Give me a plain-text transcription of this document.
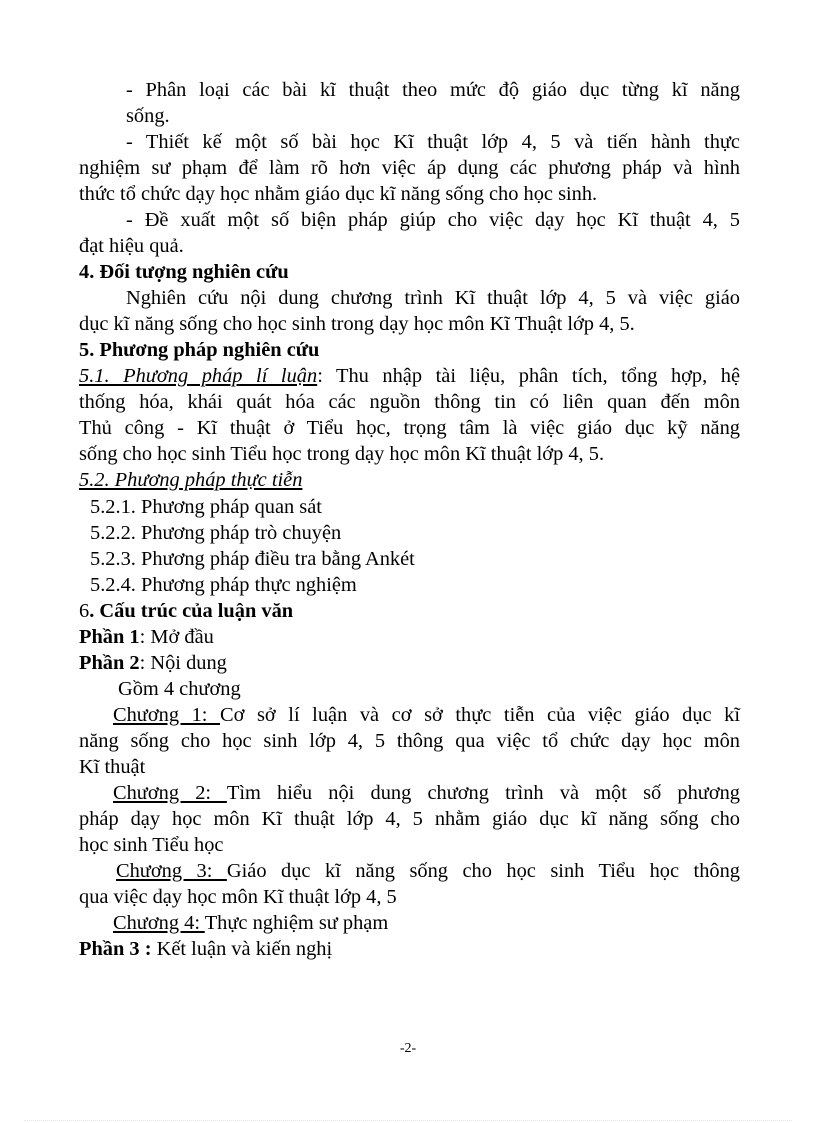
- Phân loại các bài kĩ thuật theo mức độ giáo dục từng kĩ năng
sống.
- Thiết kế một số bài học Kĩ thuật lớp 4, 5 và tiến hành thực
nghiệm sư phạm để làm rõ hơn việc áp dụng các phương pháp và hình
thức tổ chức dạy học nhằm giáo dục kĩ năng sống cho học sinh.
- Đề xuất một số biện pháp giúp cho việc dạy học Kĩ thuật 4, 5
đạt hiệu quả.
4. Đối tượng nghiên cứu
Nghiên cứu nội dung chương trình Kĩ thuật lớp 4, 5 và việc giáo
dục kĩ năng sống cho học sinh trong dạy học môn Kĩ Thuật lớp 4, 5.
5. Phương pháp nghiên cứu
5.1. Phương pháp lí luận: Thu nhập tài liệu, phân tích, tổng hợp, hệ
thống hóa, khái quát hóa các nguồn thông tin có liên quan đến môn
Thủ công - Kĩ thuật ở Tiểu học, trọng tâm là việc giáo dục kỹ năng
sống cho học sinh Tiểu học trong dạy học môn Kĩ thuật lớp 4, 5.
5.2. Phương pháp thực tiễn
5.2.1. Phương pháp quan sát
5.2.2. Phương pháp trò chuyện
5.2.3. Phương pháp điều tra bằng Ankét
5.2.4. Phương pháp thực nghiệm
6. Cấu trúc của luận văn
Phần 1: Mở đầu
Phần 2: Nội dung
Gồm 4 chương
Chương 1: Cơ sở lí luận và cơ sở thực tiễn của việc giáo dục kĩ
năng sống cho học sinh lớp 4, 5 thông qua việc tổ chức dạy học môn
Kĩ thuật
Chương 2: Tìm hiểu nội dung chương trình và một số phương
pháp dạy học môn Kĩ thuật lớp 4, 5 nhằm giáo dục kĩ năng sống cho
học sinh Tiểu học
Chương 3: Giáo dục kĩ năng sống cho học sinh Tiểu học thông
qua việc dạy học môn Kĩ thuật lớp 4, 5
Chương 4: Thực nghiệm sư phạm
Phần 3 : Kết luận và kiến nghị
-2-
